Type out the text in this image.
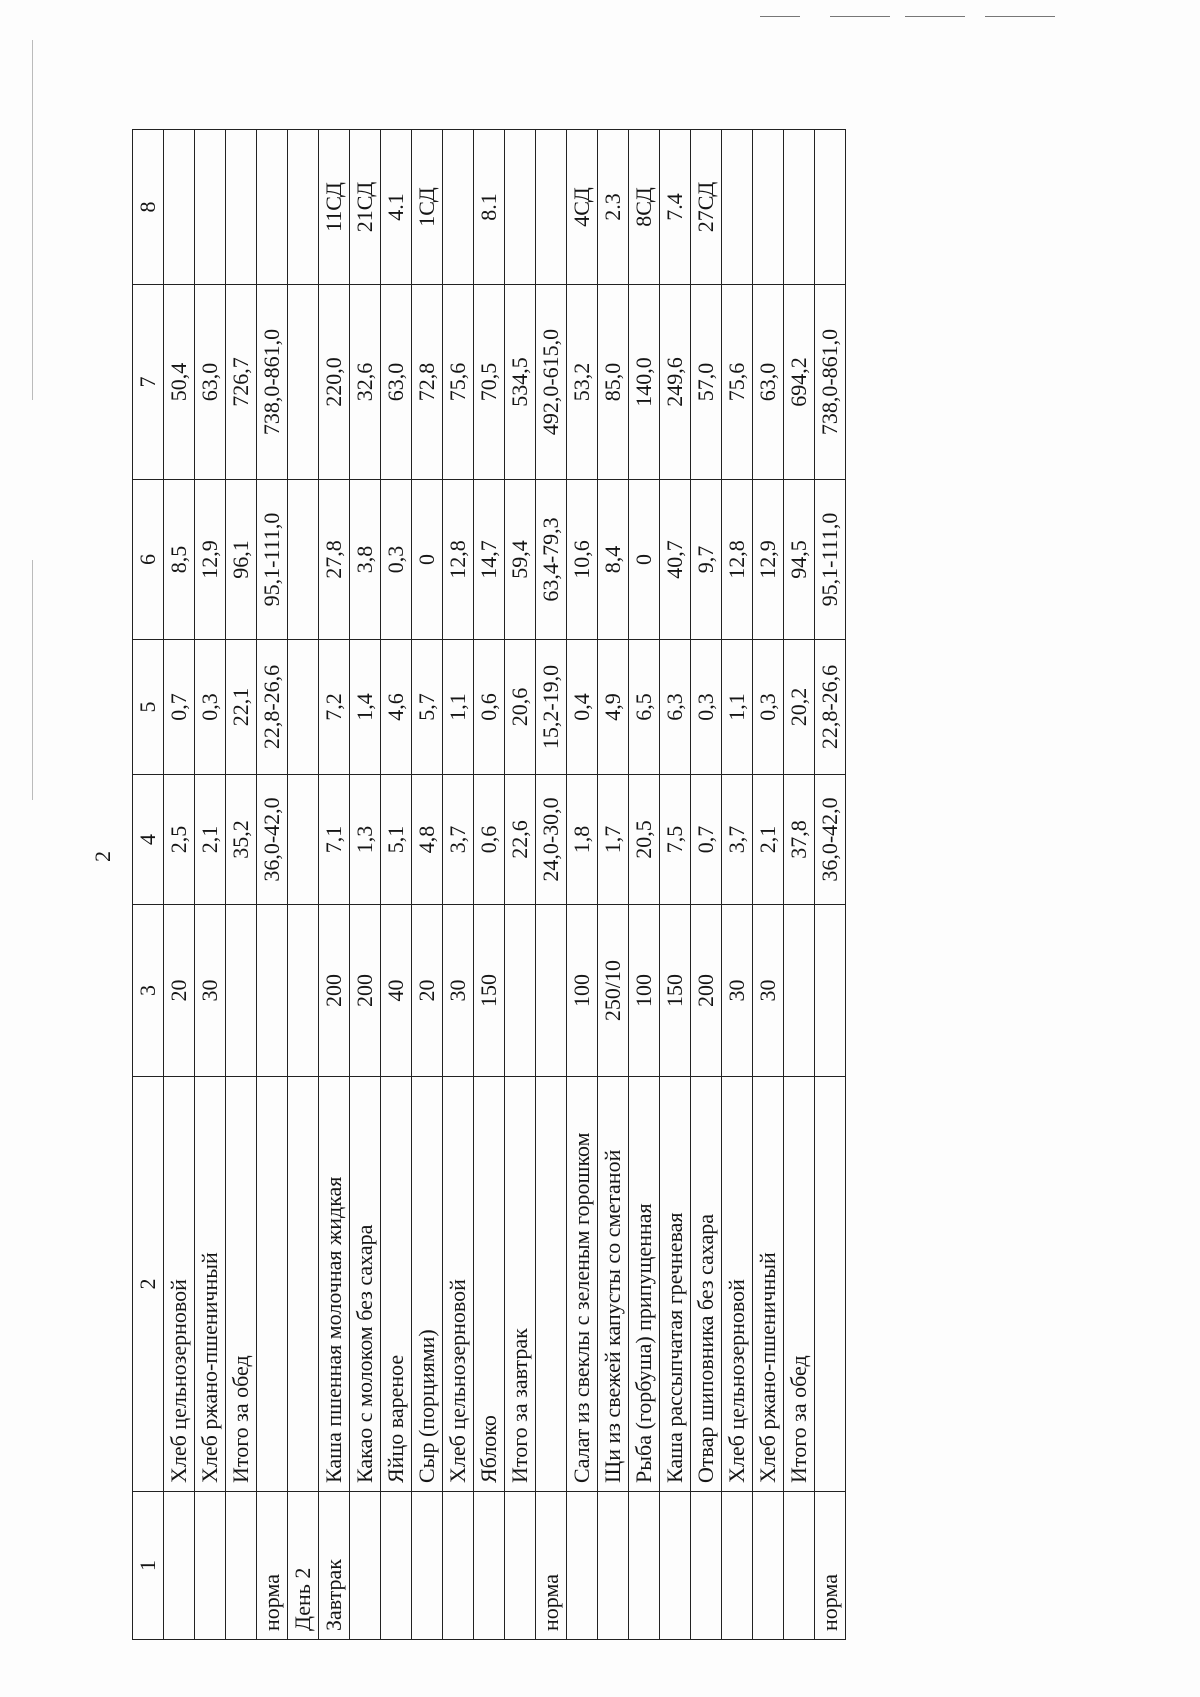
2
1	2	3	4	5	6	7	8
	Хлеб цельнозерновой	20	2,5	0,7	8,5	50,4	
	Хлеб ржано-пшеничный	30	2,1	0,3	12,9	63,0	
	Итого за обед		35,2	22,1	96,1	726,7	
норма			36,0-42,0	22,8-26,6	95,1-111,0	738,0-861,0	
День 2							
Завтрак	Каша пшенная молочная жидкая	200	7,1	7,2	27,8	220,0	11СД
	Какао с молоком без сахара	200	1,3	1,4	3,8	32,6	21СД
	Яйцо вареное	40	5,1	4,6	0,3	63,0	4.1
	Сыр (порциями)	20	4,8	5,7	0	72,8	1СД
	Хлеб цельнозерновой	30	3,7	1,1	12,8	75,6	
	Яблоко	150	0,6	0,6	14,7	70,5	8.1
	Итого за завтрак		22,6	20,6	59,4	534,5	
норма			24,0-30,0	15,2-19,0	63,4-79,3	492,0-615,0	
	Салат из свеклы с зеленым горошком	100	1,8	0,4	10,6	53,2	4СД
	Щи из свежей капусты со сметаной	250/10	1,7	4,9	8,4	85,0	2.3
	Рыба (горбуша) припущенная	100	20,5	6,5	0	140,0	8СД
	Каша рассыпчатая гречневая	150	7,5	6,3	40,7	249,6	7.4
	Отвар шиповника без сахара	200	0,7	0,3	9,7	57,0	27СД
	Хлеб цельнозерновой	30	3,7	1,1	12,8	75,6	
	Хлеб ржано-пшеничный	30	2,1	0,3	12,9	63,0	
	Итого за обед		37,8	20,2	94,5	694,2	
норма			36,0-42,0	22,8-26,6	95,1-111,0	738,0-861,0	
